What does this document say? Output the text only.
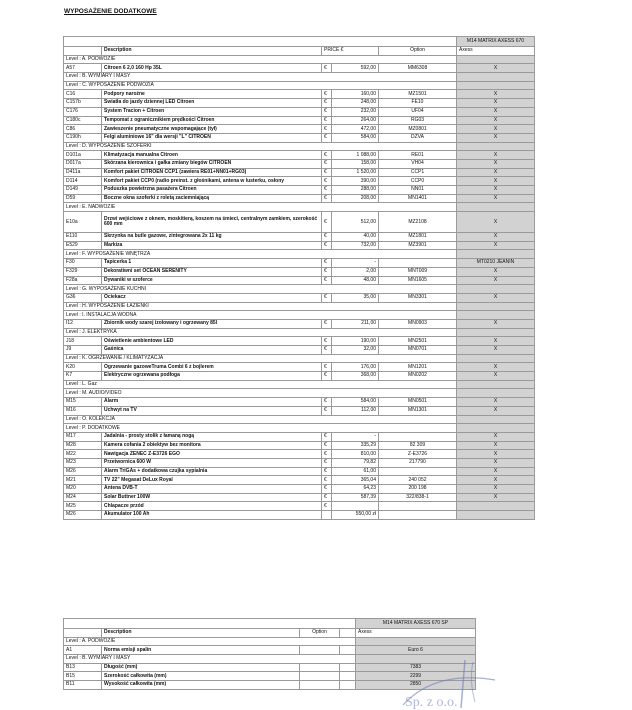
WYPOSAŻENIE DODATKOWE
					M14 MATRIX AXESS 670
	Description	PRICE €		Option	Axess
Level : A. PODWOZIE					
A57	Citroen 6 2,0 160 Hp 35L	€	592,00	MM6308	X
Level : B. WYMIARY I MASY					
Level : C. WYPOSAŻENIE PODWOZIA					
C16	Podpory narożne	€	160,00	MZ1501	X
C157b	Światła do jazdy dziennej LED Citroen	€	248,00	FE10	X
C176	System Tracion + Citroen	€	232,00	UF04	X
C180c	Tempomat z ogranicznikiem prędkości Citroen	€	264,00	RG03	X
C86	Zawieszenie pneumatyczne wspomagające (tył)	€	472,00	MZ0801	X
C190h	Felgi aluminiowe 16" dla wersji "L" CITROEN	€	584,00	DZVA	X
Level : D. WYPOSAŻENIE SZOFERKI					
D101a	Klimatyzacja manualna Citroen	€	1 088,00	RE01	X
D017a	Skórzana kierownica i gałka zmiany biegów CITROEN	€	158,00	VH04	X
D411a	Komfort pakiet CITROEN CCP1 (zawiera RE01+NN01+RG03)	€	1 520,00	CCP1	X
D114	Komfort pakiet CCP0 (radio preinst. z głośnikami, antena w lusterku, osłony	€	390,00	CCP0	X
D149	Poduszka powietrzna pasażera Citroen	€	288,00	NN01	X
D59	Boczne okna szoferki z roletą zaciemniającą	€	208,00	MN1401	X
Level : E. NADWOZIE					
E10a	Drzwi wejściowe z oknem, moskitierą, koszem na śmieci, centralnym zamkiem, szerokość 600 mm	€	512,00	MZ2108	X
E110	Skrzynka na butle gazowe, zintegrowana 2x 11 kg	€	40,00	MZ1801	X
E529	Markiza	€	732,00	MZ3901	X
Level : F. WYPOSAŻENIE WNĘTRZA					
F30	Tapicerka 1	€	-		MT0210 JEANIN
F329	Dekoratiwni set OCEAN SERENITY	€	2,00	MNT009	X
F28a	Dywaniki w szoferce	€	48,00	MN1605	X
Level : G. WYPOSAŻENIE KUCHNI					
G36	Ociekacz	€	35,00	MN3301	X
Level : H. WYPOSAŻENIE ŁAZIENKI					
Level : I. INSTALACJA WODNA					
I12	Zbiornik wody szarej izolowany i ogrzewany 85l	€	211,00	MN0903	X
Level : J. ELEKTRYKA					
J18	Oświetlenie ambientowe LED	€	190,00	MN2501	X
J9	Gaśnica	€	32,00	MN0701	X
Level : K. OGRZEWANIE / KLIMATYZACJA					
K20	Ogrzewanie gazoweTruma Combi 6 z bojlerem	€	176,00	MN1201	X
K7	Elektryczne ogrzewana podłoga	€	368,00	MN0202	X
Level : L. Gaz					
Level : M. AUDIO/VIDEO					
M15	Alarm	€	584,00	MN0501	X
M16	Uchwyt na TV	€	112,00	MN1301	X
Level : O. KOLEKCJA					
Level : P. DODATKOWE					
M17	Jadalnia - prosty stolik z łamaną nogą	€	-		X
M28	Kamera cofania 2 obiektyw bez monitora	€	335,29	82 309	X
M22	Nawigacja ZENEC Z-E3726 EGO	€	810,00	Z-E3726	X
M23	Przetwornica 600 W	€	79,82	217790	X
M26	Alarm TriGAs + dodatkowa czujka sypialnia	€	61,00		X
M21	TV 22" Megasat DeLux Royal	€	365,04	240 052	X
M20	Antena DVB-T	€	64,23	200 198	X
M24	Solar Buttner 100W	€	587,39	322/838-1	X
M25	Chlapacze przód	€			
M26	Akumulator 100 Ah		550,00 zł		
				M14 MATRIX AXESS 670 SP
	Description	Option		Axess
Level : A. PODWOZIE				
A1	Norma emisji spalin			Euro 6
Level : B. WYMIARY I MASY				
B13	Długość (mm)			7383
B15	Szerokość całkowita (mm)			2299
B11	Wysokość całkowita (mm)			2850
Sp. z o.o.
